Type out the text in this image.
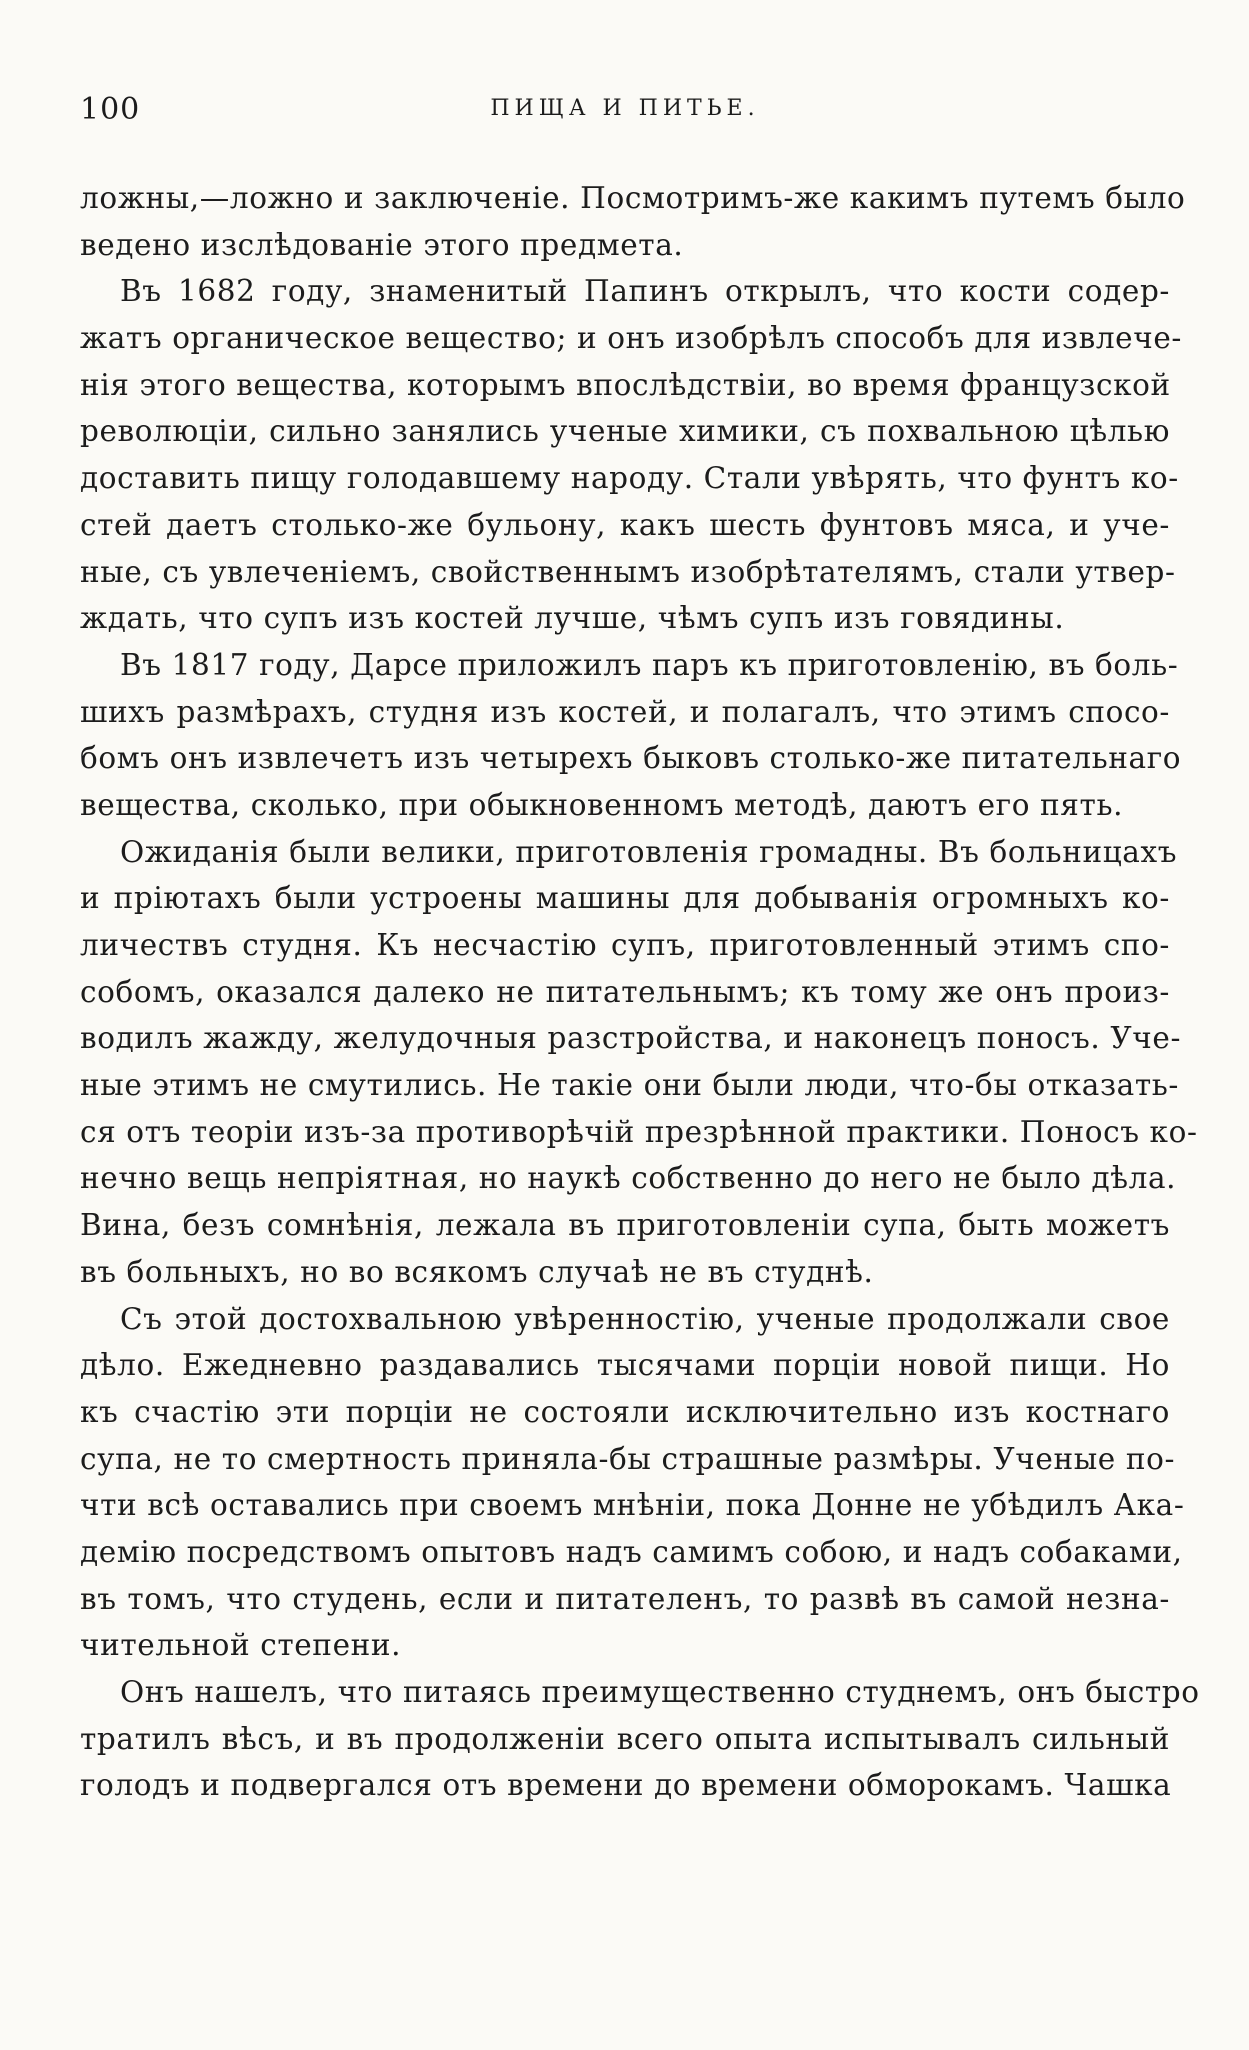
100	ПИЩА И ПИТЬЕ.
ложны,—ложно и заключеніе. Посмотримъ-же какимъ путемъ было
ведено изслѣдованіе этого предмета.
Въ 1682 году, знаменитый Папинъ открылъ, что кости содер-
жатъ органическое вещество; и онъ изобрѣлъ способъ для извлече-
нія этого вещества, которымъ впослѣдствіи, во время французской
революціи, сильно занялись ученые химики, съ похвальною цѣлью
доставить пищу голодавшему народу. Стали увѣрять, что фунтъ ко-
стей даетъ столько-же бульону, какъ шесть фунтовъ мяса, и уче-
ные, съ увлеченіемъ, свойственнымъ изобрѣтателямъ, стали утвер-
ждать, что супъ изъ костей лучше, чѣмъ супъ изъ говядины.
Въ 1817 году, Дарсе приложилъ паръ къ приготовленію, въ боль-
шихъ размѣрахъ, студня изъ костей, и полагалъ, что этимъ спосо-
бомъ онъ извлечетъ изъ четырехъ быковъ столько-же питательнаго
вещества, сколько, при обыкновенномъ методѣ, даютъ его пять.
Ожиданія были велики, приготовленія громадны. Въ больницахъ
и пріютахъ были устроены машины для добыванія огромныхъ ко-
личествъ студня. Къ несчастію супъ, приготовленный этимъ спо-
собомъ, оказался далеко не питательнымъ; къ тому же онъ произ-
водилъ жажду, желудочныя разстройства, и наконецъ поносъ. Уче-
ные этимъ не смутились. Не такіе они были люди, что-бы отказать-
ся отъ теоріи изъ-за противорѣчій презрѣнной практики. Поносъ ко-
нечно вещь непріятная, но наукѣ собственно до него не было дѣла.
Вина, безъ сомнѣнія, лежала въ приготовленіи супа, быть можетъ
въ больныхъ, но во всякомъ случаѣ не въ студнѣ.
Съ этой достохвальною увѣренностію, ученые продолжали свое
дѣло. Ежедневно раздавались тысячами порціи новой пищи. Но
къ счастію эти порціи не состояли исключительно изъ костнаго
супа, не то смертность приняла-бы страшные размѣры. Ученые по-
чти всѣ оставались при своемъ мнѣніи, пока Донне не убѣдилъ Ака-
демію посредствомъ опытовъ надъ самимъ собою, и надъ собаками,
въ томъ, что студень, если и питателенъ, то развѣ въ самой незна-
чительной степени.
Онъ нашелъ, что питаясь преимущественно студнемъ, онъ быстро
тратилъ вѣсъ, и въ продолженіи всего опыта испытывалъ сильный
голодъ и подвергался отъ времени до времени обморокамъ. Чашка
